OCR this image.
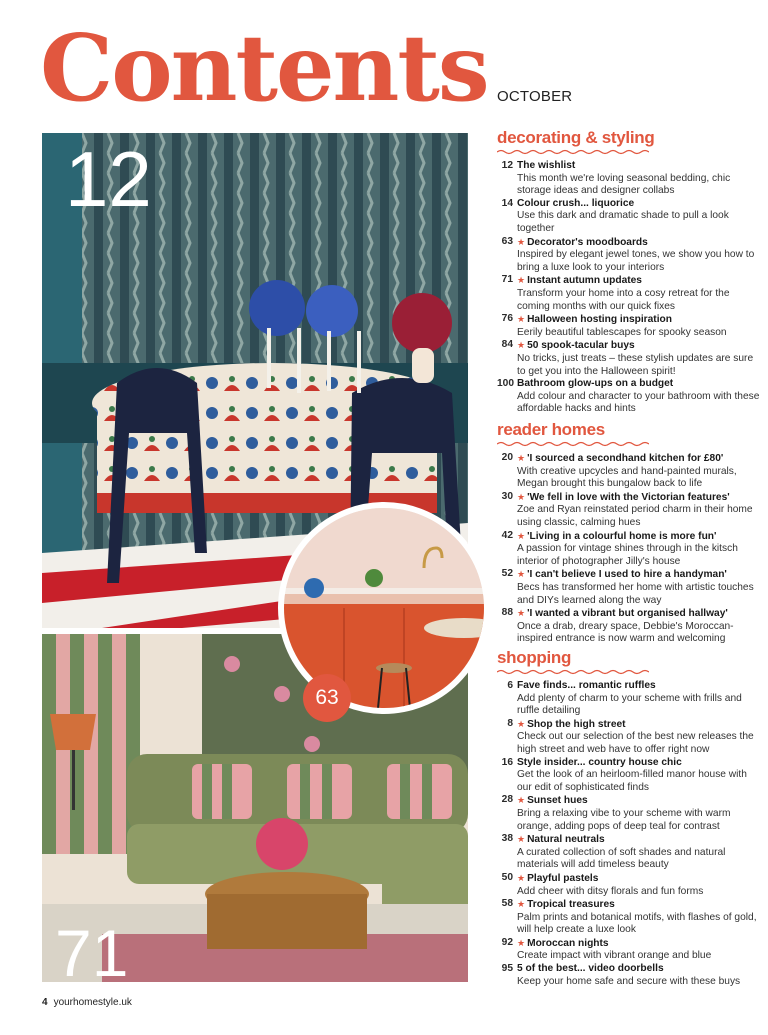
Contents OCTOBER
12
71
63
decorating & styling
12 The wishlist
This month we're loving seasonal bedding, chic storage ideas and designer collabs
14 Colour crush... liquorice
Use this dark and dramatic shade to pull a look together
63 ★ Decorator's moodboards
Inspired by elegant jewel tones, we show you how to bring a luxe look to your interiors
71 ★ Instant autumn updates
Transform your home into a cosy retreat for the coming months with our quick fixes
76 ★ Halloween hosting inspiration
Eerily beautiful tablescapes for spooky season
84 ★ 50 spook-tacular buys
No tricks, just treats – these stylish updates are sure to get you into the Halloween spirit!
100 Bathroom glow-ups on a budget
Add colour and character to your bathroom with these affordable hacks and hints
reader homes
20 ★ 'I sourced a secondhand kitchen for £80'
With creative upcycles and hand-painted murals, Megan brought this bungalow back to life
30 ★ 'We fell in love with the Victorian features'
Zoe and Ryan reinstated period charm in their home using classic, calming hues
42 ★ 'Living in a colourful home is more fun'
A passion for vintage shines through in the kitsch interior of photographer Jilly's house
52 ★ 'I can't believe I used to hire a handyman'
Becs has transformed her home with artistic touches and DIYs learned along the way
88 ★ 'I wanted a vibrant but organised hallway'
Once a drab, dreary space, Debbie's Moroccan-inspired entrance is now warm and welcoming
shopping
6 Fave finds... romantic ruffles
Add plenty of charm to your scheme with frills and ruffle detailing
8 ★ Shop the high street
Check out our selection of the best new releases the high street and web have to offer right now
16 Style insider... country house chic
Get the look of an heirloom-filled manor house with our edit of sophisticated finds
28 ★ Sunset hues
Bring a relaxing vibe to your scheme with warm orange, adding pops of deep teal for contrast
38 ★ Natural neutrals
A curated collection of soft shades and natural materials will add timeless beauty
50 ★ Playful pastels
Add cheer with ditsy florals and fun forms
58 ★ Tropical treasures
Palm prints and botanical motifs, with flashes of gold, will help create a luxe look
92 ★ Moroccan nights
Create impact with vibrant orange and blue
95 5 of the best... video doorbells
Keep your home safe and secure with these buys
4 yourhomestyle.uk
